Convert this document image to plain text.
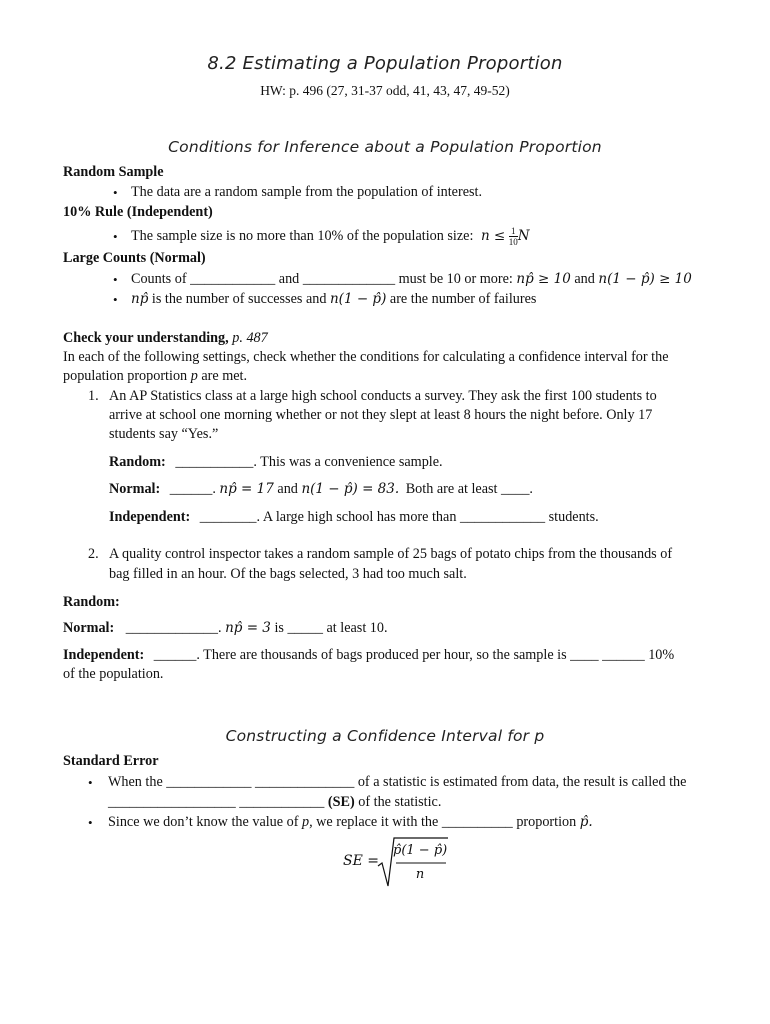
8.2 Estimating a Population Proportion
HW: p. 496 (27, 31-37 odd, 41, 43, 47, 49-52)
Conditions for Inference about a Population Proportion
Random Sample
• The data are a random sample from the population of interest.
10% Rule (Independent)
• The sample size is no more than 10% of the population size: $n \le \frac{1}{10}$ N
Large Counts (Normal)
• Counts of ____________ and _____________ must be 10 or more: np̂ ≥ 10 and n(1 − p̂) ≥ 10
• np̂ is the number of successes and n(1 − p̂) are the number of failures
Check your understanding, p. 487
In each of the following settings, check whether the conditions for calculating a confidence interval for the
population proportion p are met.
1. An AP Statistics class at a large high school conducts a survey. They ask the first 100 students to
arrive at school one morning whether or not they slept at least 8 hours the night before. Only 17
students say “Yes.”
Random: ___________. This was a convenience sample.
Normal: ______. np̂ = 17 and n(1 − p̂) = 83. Both are at least ____.
Independent: ________. A large high school has more than ____________ students.
2. A quality control inspector takes a random sample of 25 bags of potato chips from the thousands of
bag filled in an hour. Of the bags selected, 3 had too much salt.
Random:
Normal: _____________. np̂ = 3 is _____ at least 10.
Independent: ______. There are thousands of bags produced per hour, so the sample is ____ ______ 10%
of the population.
Constructing a Confidence Interval for p
Standard Error
• When the ____________ ______________ of a statistic is estimated from data, the result is called the
__________________ ____________ (SE) of the statistic.
• Since we don’t know the value of p, we replace it with the __________ proportion p̂.
SE =
p̂(1 − p̂)
n
